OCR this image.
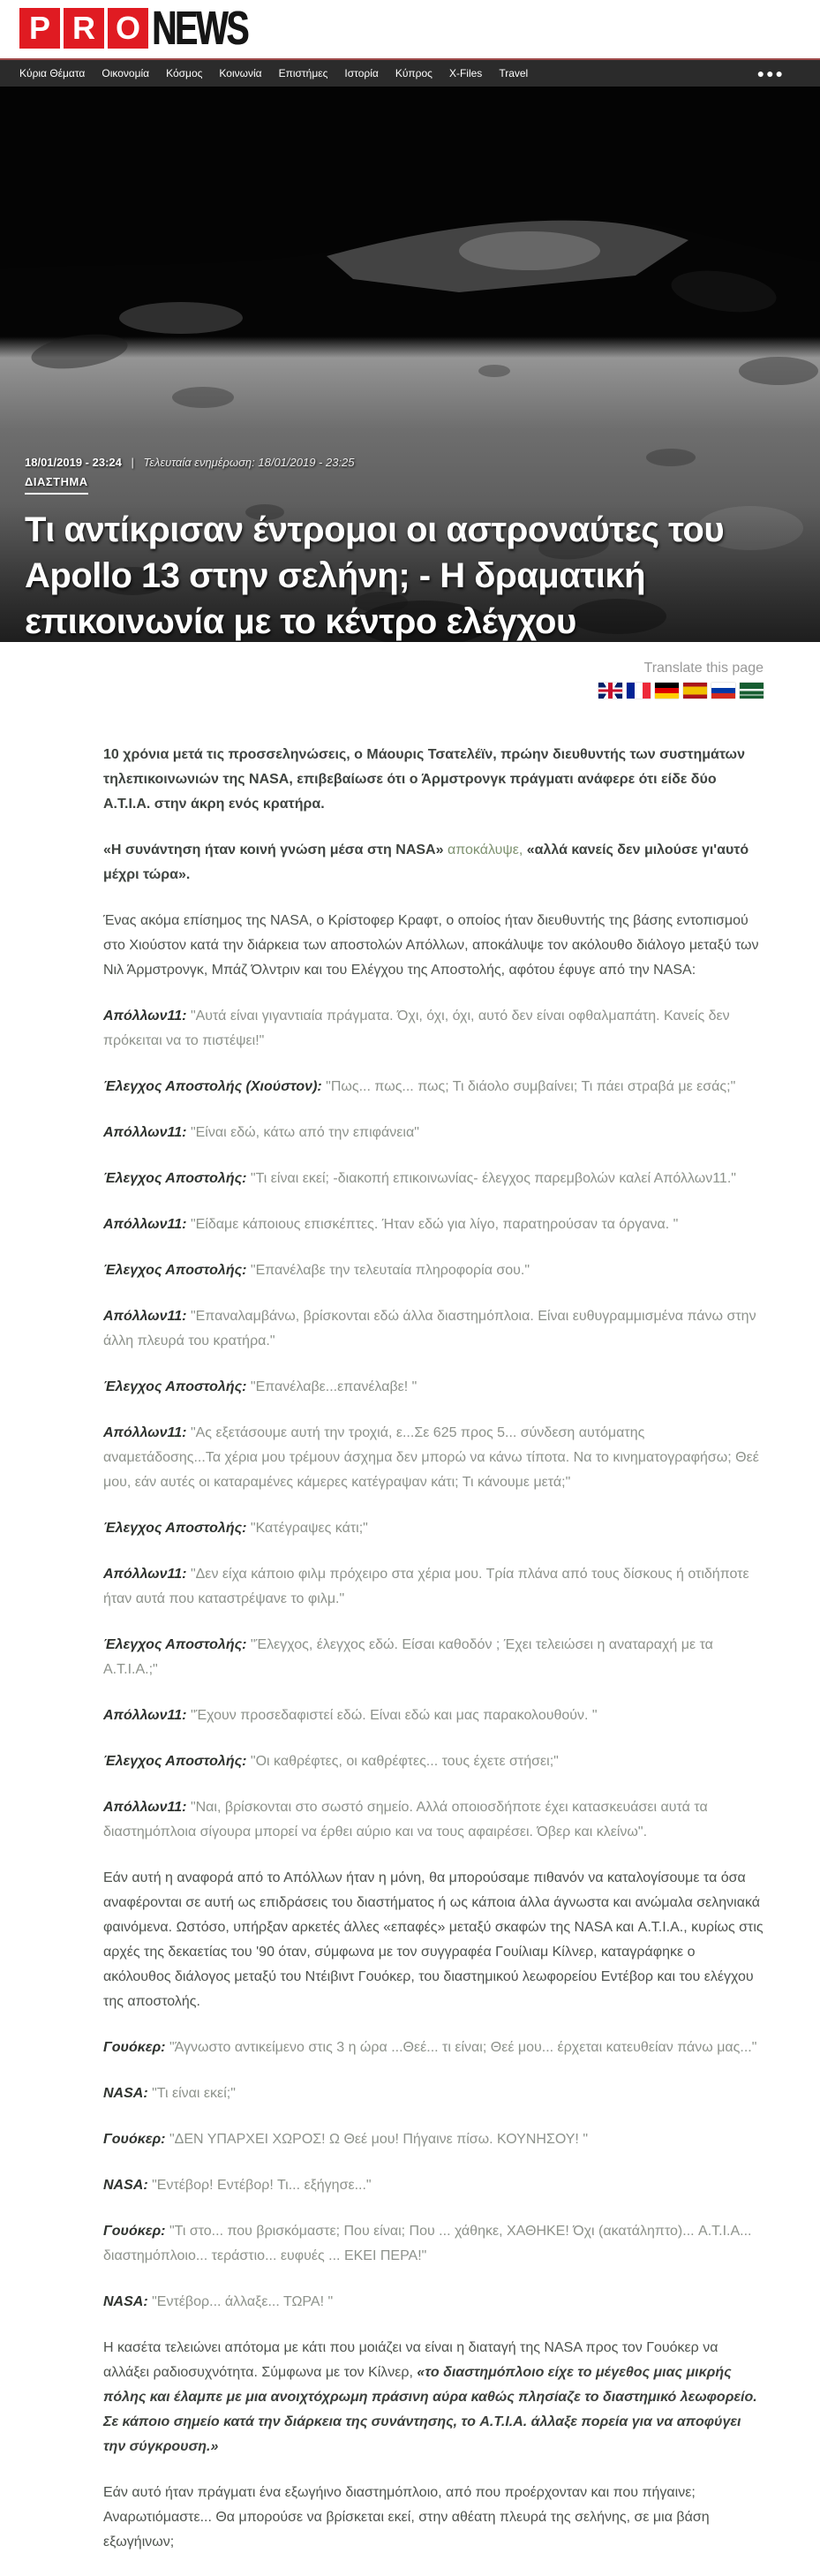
P R O NEWS
Κύρια Θέματα Οικονομία Κόσμος Κοινωνία Επιστήμες Ιστορία Κύπρος X-Files Travel	●●●
18/01/2019 - 23:24 | Τελευταία ενημέρωση: 18/01/2019 - 23:25
ΔΙΑΣΤΗΜΑ
Τι αντίκρισαν έντρομοι οι αστροναύτες του Apollo 13 στην σελήνη; - Η δραματική επικοινωνία με το κέντρο ελέγχου
Translate this page

10 χρόνια μετά τις προσσεληνώσεις, ο Μάουρις Τσατελέϊν, πρώην διευθυντής των συστημάτων τηλεπικοινωνιών της NASA, επιβεβαίωσε ότι ο Άρμστρονγκ πράγματι ανάφερε ότι είδε δύο A.T.I.A. στην άκρη ενός κρατήρα.

«Η συνάντηση ήταν κοινή γνώση μέσα στη NASA» αποκάλυψε, «αλλά κανείς δεν μιλούσε γι'αυτό μέχρι τώρα».

Ένας ακόμα επίσημος της NASA, ο Κρίστοφερ Κραφτ, ο οποίος ήταν διευθυντής της βάσης εντοπισμού στο Χιούστον κατά την διάρκεια των αποστολών Απόλλων, αποκάλυψε τον ακόλουθο διάλογο μεταξύ των Νιλ Άρμστρονγκ, Μπάζ Όλντριν και του Ελέγχου της Αποστολής, αφότου έφυγε από την NASA:

Απόλλων11: "Αυτά είναι γιγαντιαία πράγματα. Όχι, όχι, όχι, αυτό δεν είναι οφθαλμαπάτη. Κανείς δεν πρόκειται να το πιστέψει!"

Έλεγχος Αποστολής (Χιούστον): "Πως... πως... πως; Τι διάολο συμβαίνει; Τι πάει στραβά με εσάς;"

Απόλλων11: "Είναι εδώ, κάτω από την επιφάνεια"

Έλεγχος Αποστολής: "Τι είναι εκεί; -διακοπή επικοινωνίας- έλεγχος παρεμβολών καλεί Απόλλων11."

Απόλλων11: "Είδαμε κάποιους επισκέπτες. Ήταν εδώ για λίγο, παρατηρούσαν τα όργανα. "

Έλεγχος Αποστολής: "Επανέλαβε την τελευταία πληροφορία σου."

Απόλλων11: "Επαναλαμβάνω, βρίσκονται εδώ άλλα διαστημόπλοια. Είναι ευθυγραμμισμένα πάνω στην άλλη πλευρά του κρατήρα."

Έλεγχος Αποστολής: "Επανέλαβε...επανέλαβε! "

Απόλλων11: "Ας εξετάσουμε αυτή την τροχιά, ε...Σε 625 προς 5... σύνδεση αυτόματης αναμετάδοσης...Τα χέρια μου τρέμουν άσχημα δεν μπορώ να κάνω τίποτα. Να το κινηματογραφήσω; Θεέ μου, εάν αυτές οι καταραμένες κάμερες κατέγραψαν κάτι; Τι κάνουμε μετά;"

Έλεγχος Αποστολής: "Κατέγραψες κάτι;"

Απόλλων11: "Δεν είχα κάποιο φιλμ πρόχειρο στα χέρια μου. Τρία πλάνα από τους δίσκους ή οτιδήποτε ήταν αυτά που καταστρέψανε το φιλμ."

Έλεγχος Αποστολής: "Έλεγχος, έλεγχος εδώ. Είσαι καθοδόν ; Έχει τελειώσει η αναταραχή με τα A.T.I.A.;"

Απόλλων11: "Έχουν προσεδαφιστεί εδώ. Είναι εδώ και μας παρακολουθούν. "

Έλεγχος Αποστολής: "Οι καθρέφτες, οι καθρέφτες... τους έχετε στήσει;"

Απόλλων11: "Ναι, βρίσκονται στο σωστό σημείο. Αλλά οποιοσδήποτε έχει κατασκευάσει αυτά τα διαστημόπλοια σίγουρα μπορεί να έρθει αύριο και να τους αφαιρέσει. Όβερ και κλείνω".

Εάν αυτή η αναφορά από το Απόλλων ήταν η μόνη, θα μπορούσαμε πιθανόν να καταλογίσουμε τα όσα αναφέρονται σε αυτή ως επιδράσεις του διαστήματος ή ως κάποια άλλα άγνωστα και ανώμαλα σεληνιακά φαινόμενα. Ωστόσο, υπήρξαν αρκετές άλλες «επαφές» μεταξύ σκαφών της NASA και A.T.I.A., κυρίως στις αρχές της δεκαετίας του '90 όταν, σύμφωνα με τον συγγραφέα Γουίλιαμ Κίλνερ, καταγράφηκε ο ακόλουθος διάλογος μεταξύ του Ντέιβιντ Γουόκερ, του διαστημικού λεωφορείου Εντέβορ και του ελέγχου της αποστολής.

Γουόκερ: "Άγνωστο αντικείμενο στις 3 η ώρα ...Θεέ... τι είναι; Θεέ μου... έρχεται κατευθείαν πάνω μας..."

NASA: "Τι είναι εκεί;"

Γουόκερ: "ΔΕΝ ΥΠΑΡΧΕΙ ΧΩΡΟΣ! Ω Θεέ μου! Πήγαινε πίσω. ΚΟΥΝΗΣΟΥ! "

NASA: "Εντέβορ! Εντέβορ! Τι... εξήγησε..."

Γουόκερ: "Τι στο... που βρισκόμαστε; Που είναι; Που ... χάθηκε, ΧΑΘΗΚΕ! Όχι (ακατάληπτο)... A.T.I.A... διαστημόπλοιο... τεράστιο... ευφυές ... ΕΚΕΙ ΠΕΡΑ!"

NASA: "Εντέβορ... άλλαξε... ΤΩΡΑ! "

Η κασέτα τελειώνει απότομα με κάτι που μοιάζει να είναι η διαταγή της NASA προς τον Γουόκερ να αλλάξει ραδιοσυχνότητα. Σύμφωνα με τον Κίλνερ, «το διαστημόπλοιο είχε το μέγεθος μιας μικρής πόλης και έλαμπε με μια ανοιχτόχρωμη πράσινη αύρα καθώς πλησίαζε το διαστημικό λεωφορείο. Σε κάποιο σημείο κατά την διάρκεια της συνάντησης, το A.T.I.A. άλλαξε πορεία για να αποφύγει την σύγκρουση.»

Εάν αυτό ήταν πράγματι ένα εξωγήινο διαστημόπλοιο, από που προέρχονταν και που πήγαινε; Αναρωτιόμαστε... Θα μπορούσε να βρίσκεται εκεί, στην αθέατη πλευρά της σελήνης, σε μια βάση εξωγήινων;
